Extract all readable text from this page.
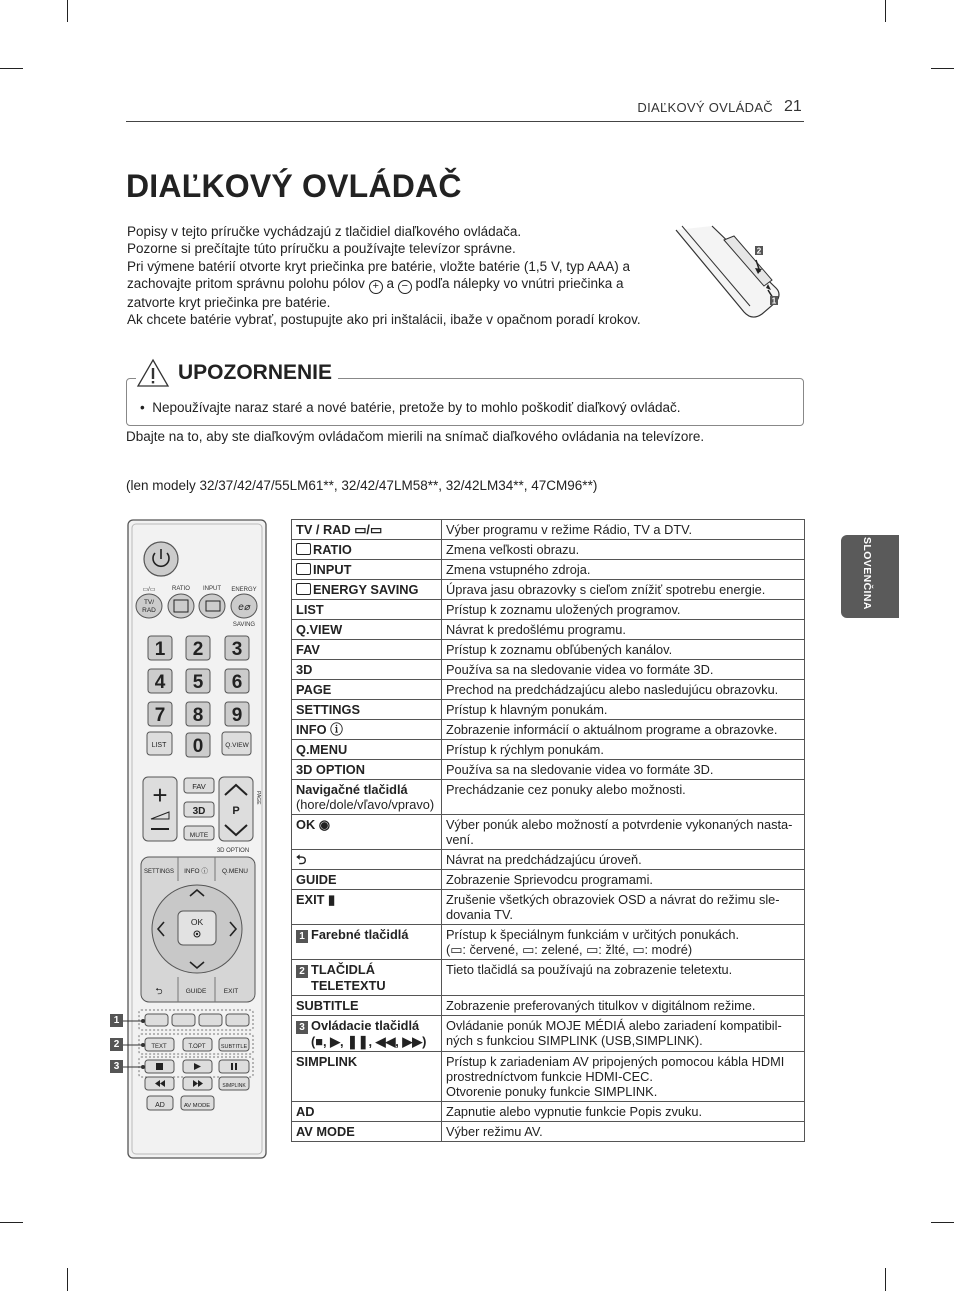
DIAĽKOVÝ OVLÁDAČ 21
DIAĽKOVÝ OVLÁDAČ
Popisy v tejto príručke vychádzajú z tlačidiel diaľkového ovládača.
Pozorne si prečítajte túto príručku a používajte televízor správne.
Pri výmene batérií otvorte kryt priečinka pre batérie, vložte batérie (1,5 V, typ AAA) a
zachovajte pritom správnu polohu pólov + a − podľa nálepky vo vnútri priečinka a
zatvorte kryt priečinka pre batérie.
Ak chcete batérie vybrať, postupujte ako pri inštalácii, ibaže v opačnom poradí krokov.
2
1
UPOZORNENIE
• Nepoužívajte naraz staré a nové batérie, pretože by to mohlo poškodiť diaľkový ovládač.
Dbajte na to, aby ste diaľkovým ovládačom mierili na snímač diaľkového ovládania na televízore.
(len modely 32/37/42/47/55LM61**, 32/42/47LM58**, 32/42LM34**, 47CM96**)
SLOVENČINA
▭/▭	RATIO INPUT ENERGY
TV/
RAD	e⌀
SAVING
1 2 3
4 5 6
7 8 9
0
LIST	Q.VIEW
+
P
PAGE
FAV
3D
MUTE
3D OPTION
SETTINGS INFO ⓘ Q.MENU
OK
⮌	GUIDE	EXIT
TEXT	T.OPT	SUBTITLE
SIMPLINK
AD	AV MODE
1
2
3
TV / RAD ▭/▭	Výber programu v režime Rádio, TV a DTV.
RATIO	Zmena veľkosti obrazu.
INPUT	Zmena vstupného zdroja.
ENERGY SAVING	Úprava jasu obrazovky s cieľom znížiť spotrebu energie.
LIST	Prístup k zoznamu uložených programov.
Q.VIEW	Návrat k predošlému programu.
FAV	Prístup k zoznamu obľúbených kanálov.
3D	Používa sa na sledovanie videa vo formáte 3D.
PAGE	Prechod na predchádzajúcu alebo nasledujúcu obrazovku.
SETTINGS	Prístup k hlavným ponukám.
INFO ⓘ	Zobrazenie informácií o aktuálnom programe a obrazovke.
Q.MENU	Prístup k rýchlym ponukám.
3D OPTION	Používa sa na sledovanie videa vo formáte 3D.
Navigačné tlačidlá
(hore/dole/vľavo/vpravo)	Prechádzanie cez ponuky alebo možnosti.
OK ◉	Výber ponúk alebo možností a potvrdenie vykonaných nasta-
vení.
⮌	Návrat na predchádzajúcu úroveň.
GUIDE	Zobrazenie Sprievodcu programami.
EXIT ▮	Zrušenie všetkých obrazoviek OSD a návrat do režimu sle-
dovania TV.
1 Farebné tlačidlá	Prístup k špeciálnym funkciám v určitých ponukách.
(▭: červené, ▭: zelené, ▭: žlté, ▭: modré)
2 TLAČIDLÁ
TELETEXTU	Tieto tlačidlá sa používajú na zobrazenie teletextu.
SUBTITLE	Zobrazenie preferovaných titulkov v digitálnom režime.
3 Ovládacie tlačidlá
(■, ▶, ❚❚, ◀◀, ▶▶)	Ovládanie ponúk MOJE MÉDIÁ alebo zariadení kompatibil-
ných s funkciou SIMPLINK (USB,SIMPLINK).
SIMPLINK	Prístup k zariadeniam AV pripojených pomocou kábla HDMI
prostredníctvom funkcie HDMI-CEC.
Otvorenie ponuky funkcie SIMPLINK.
AD	Zapnutie alebo vypnutie funkcie Popis zvuku.
AV MODE	Výber režimu AV.
